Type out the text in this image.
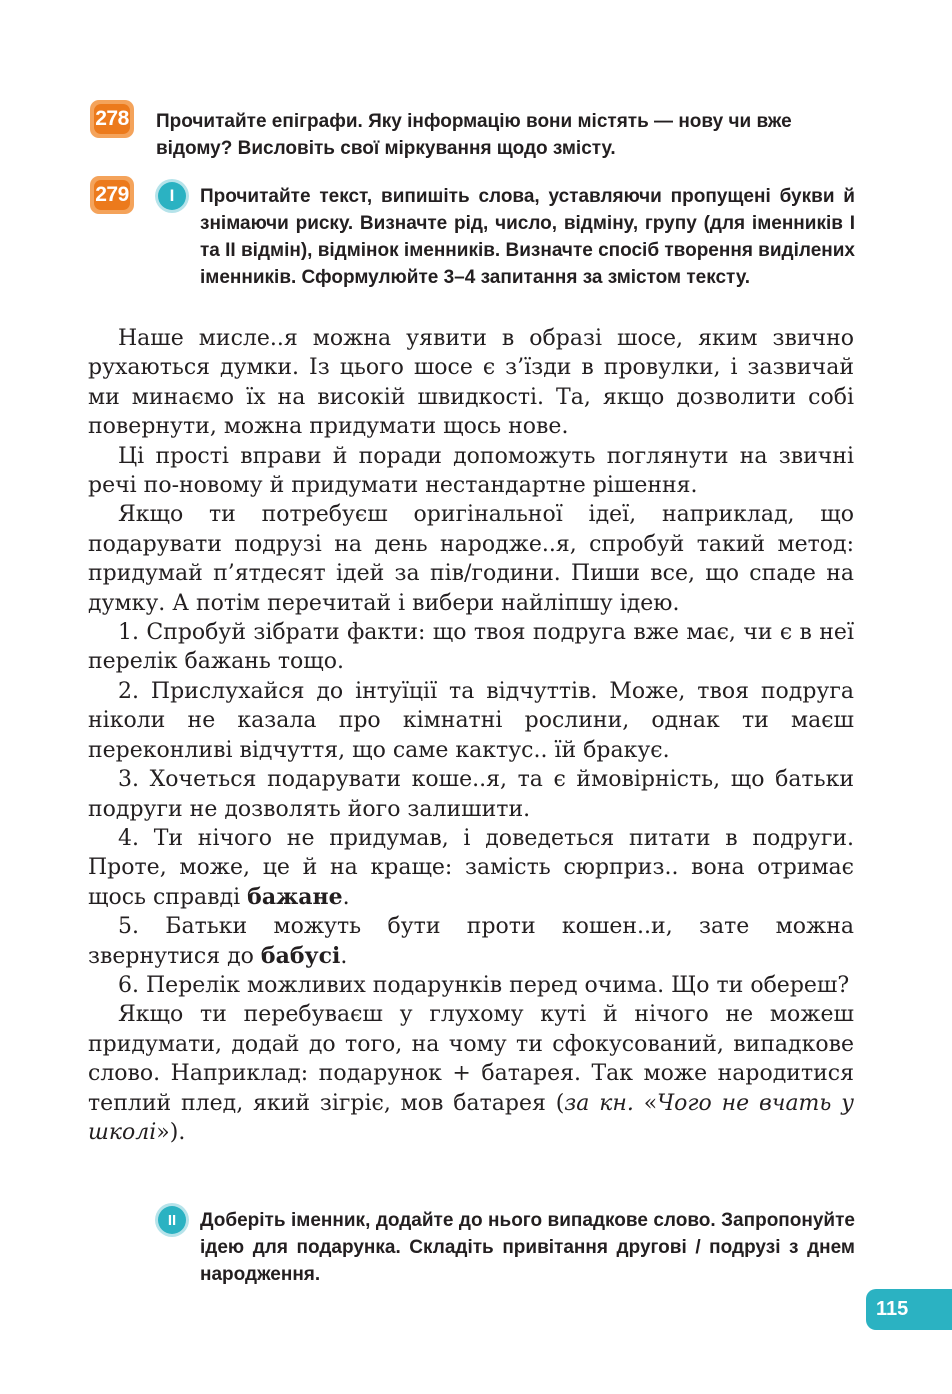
278 Прочитайте епіграфи. Яку інформацію вони містять — нову чи вже відому? Висловіть свої міркування щодо змісту.
279	I	Прочитайте текст, випишіть слова, уставляючи пропущені букви й знімаючи риску. Визначте рід, число, відміну, групу (для іменників І та ІІ відмін), відмінок іменників. Визначте спосіб творення виділених іменників. Сформулюйте 3–4 запитання за змістом тексту.

Наше мисле..я можна уявити в образі шосе, яким звично рухаються думки. Із цього шосе є з’їзди в провулки, і зазвичай ми минаємо їх на високій швидкості. Та, якщо дозволити собі повернути, можна придумати щось нове.

Ці прості вправи й поради допоможуть поглянути на звичні речі по-новому й придумати нестандартне рішення.

Якщо ти потребуєш оригінальної ідеї, наприклад, що подарувати подрузі на день народже..я, спробуй такий метод: придумай п’ятдесят ідей за пів/години. Пиши все, що спаде на думку. А потім перечитай і вибери найліпшу ідею.

1. Спробуй зібрати факти: що твоя подруга вже має, чи є в неї перелік бажань тощо.

2. Прислухайся до інтуїції та відчуттів. Може, твоя подруга ніколи не казала про кімнатні рослини, однак ти маєш переконливі відчуття, що саме кактус.. їй бракує.

3. Хочеться подарувати коше..я, та є ймовірність, що батьки подруги не дозволять його залишити.

4. Ти нічого не придумав, і доведеться питати в подруги. Проте, може, це й на краще: замість сюрприз.. вона отримає щось справді бажане.

5. Батьки можуть бути проти кошен..и, зате можна звернутися до бабусі.

6. Перелік можливих подарунків перед очима. Що ти обереш?

Якщо ти перебуваєш у глухому куті й нічого не можеш придумати, додай до того, на чому ти сфокусований, випадкове слово. Наприклад: подарунок + батарея. Так може народитися теплий плед, який зігріє, мов батарея (за кн. «Чого не вчать у школі»).

II	Доберіть іменник, додайте до нього випадкове слово. Запропонуйте ідею для подарунка. Складіть привітання другові / подрузі з днем народження.
115
